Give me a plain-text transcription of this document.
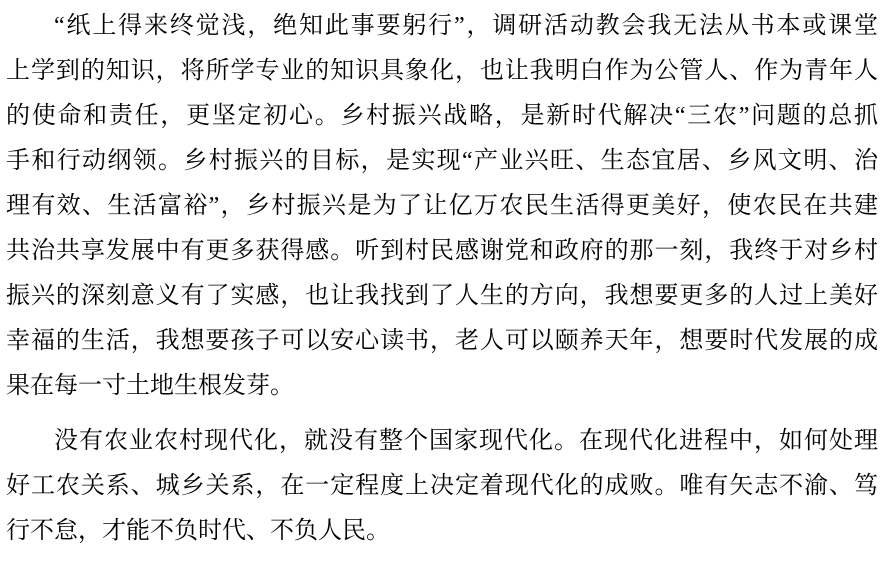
“纸上得来终觉浅，绝知此事要躬行”，调研活动教会我无法从书本或课堂
上学到的知识，将所学专业的知识具象化，也让我明白作为公管人、作为青年人
的使命和责任，更坚定初心。乡村振兴战略，是新时代解决“三农”问题的总抓
手和行动纲领。乡村振兴的目标，是实现“产业兴旺、生态宜居、乡风文明、治
理有效、生活富裕”，乡村振兴是为了让亿万农民生活得更美好，使农民在共建
共治共享发展中有更多获得感。听到村民感谢党和政府的那一刻，我终于对乡村
振兴的深刻意义有了实感，也让我找到了人生的方向，我想要更多的人过上美好
幸福的生活，我想要孩子可以安心读书，老人可以颐养天年，想要时代发展的成
果在每一寸土地生根发芽。
没有农业农村现代化，就没有整个国家现代化。在现代化进程中，如何处理
好工农关系、城乡关系，在一定程度上决定着现代化的成败。唯有矢志不渝、笃
行不怠，才能不负时代、不负人民。
